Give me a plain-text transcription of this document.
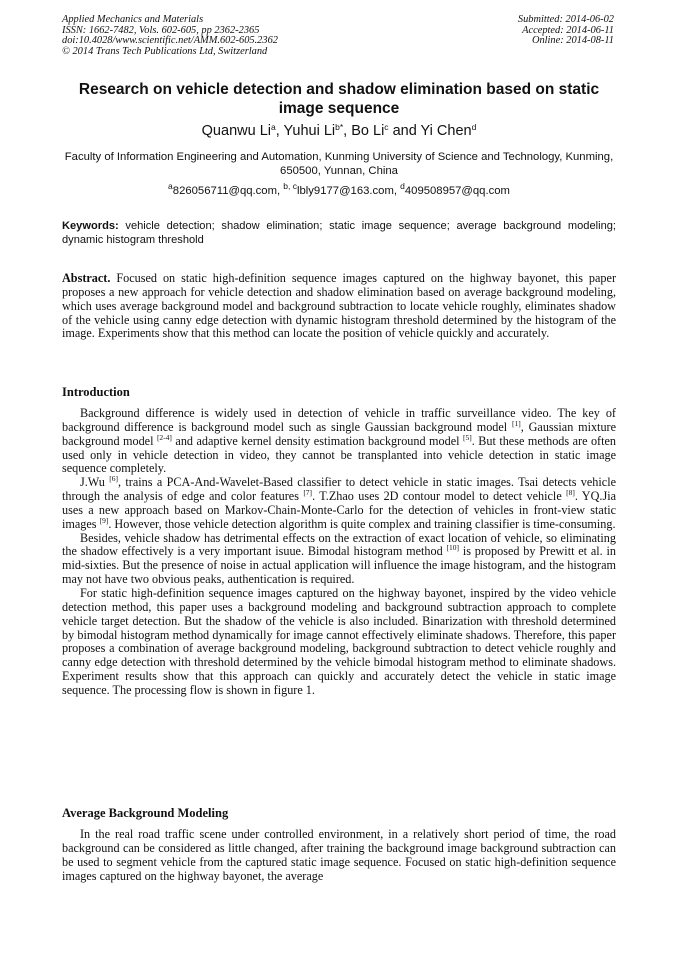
Applied Mechanics and Materials
ISSN: 1662-7482, Vols. 602-605, pp 2362-2365
doi:10.4028/www.scientific.net/AMM.602-605.2362
© 2014 Trans Tech Publications Ltd, Switzerland
Submitted: 2014-06-02
Accepted: 2014-06-11
Online: 2014-08-11
Research on vehicle detection and shadow elimination based on static image sequence
Quanwu Li$^a$, Yuhui $Li^{b*}$, Bo Li$^c$ and Yi Chen$^d$
Faculty of Information Engineering and Automation, Kunming University of Science and Technology, Kunming, 650500, Yunnan, China
$^a$826056711@qq.com, $^{b, c}$lbly9177@163.com, $^d$409508957@qq.com
Keywords: vehicle detection; shadow elimination; static image sequence; average background modeling; dynamic histogram threshold
Abstract. Focused on static high-definition sequence images captured on the highway bayonet, this paper proposes a new approach for vehicle detection and shadow elimination based on average background modeling, which uses average background model and background subtraction to locate vehicle roughly, eliminates shadow of the vehicle using canny edge detection with dynamic histogram threshold determined by the histogram of the image. Experiments show that this method can locate the position of vehicle quickly and accurately.
Introduction

Background difference is widely used in detection of vehicle in traffic surveillance video. The key of background difference is background model such as single Gaussian background model [1], Gaussian mixture background model [2-4] and adaptive kernel density estimation background model [5]. But these methods are often used only in vehicle detection in video, they cannot be transplanted into vehicle detection in static image sequence completely.

J.Wu [6], trains a PCA-And-Wavelet-Based classifier to detect vehicle in static images. Tsai detects vehicle through the analysis of edge and color features [7]. T.Zhao uses 2D contour model to detect vehicle [8]. YQ.Jia uses a new approach based on Markov-Chain-Monte-Carlo for the detection of vehicles in front-view static images [9]. However, those vehicle detection algorithm is quite complex and training classifier is time-consuming.

Besides, vehicle shadow has detrimental effects on the extraction of exact location of vehicle, so eliminating the shadow effectively is a very important isuue. Bimodal histogram method [10] is proposed by Prewitt et al. in mid-sixties. But the presence of noise in actual application will influence the image histogram, and the histogram may not have two obvious peaks, authentication is required.

For static high-definition sequence images captured on the highway bayonet, inspired by the video vehicle detection method, this paper uses a background modeling and background subtraction approach to complete vehicle target detection. But the shadow of the vehicle is also included. Binarization with threshold determined by bimodal histogram method dynamically for image cannot effectively eliminate shadows. Therefore, this paper proposes a combination of average background modeling, background subtraction to detect vehicle roughly and canny edge detection with threshold determined by the vehicle bimodal histogram method to eliminate shadows. Experiment results show that this approach can quickly and accurately detect the vehicle in static image sequence. The processing flow is shown in figure 1.

Average Background Modeling

In the real road traffic scene under controlled environment, in a relatively short period of time, the road background can be considered as little changed, after training the background image background subtraction can be used to segment vehicle from the captured static image sequence. Focused on static high-definition sequence images captured on the highway bayonet, the average
